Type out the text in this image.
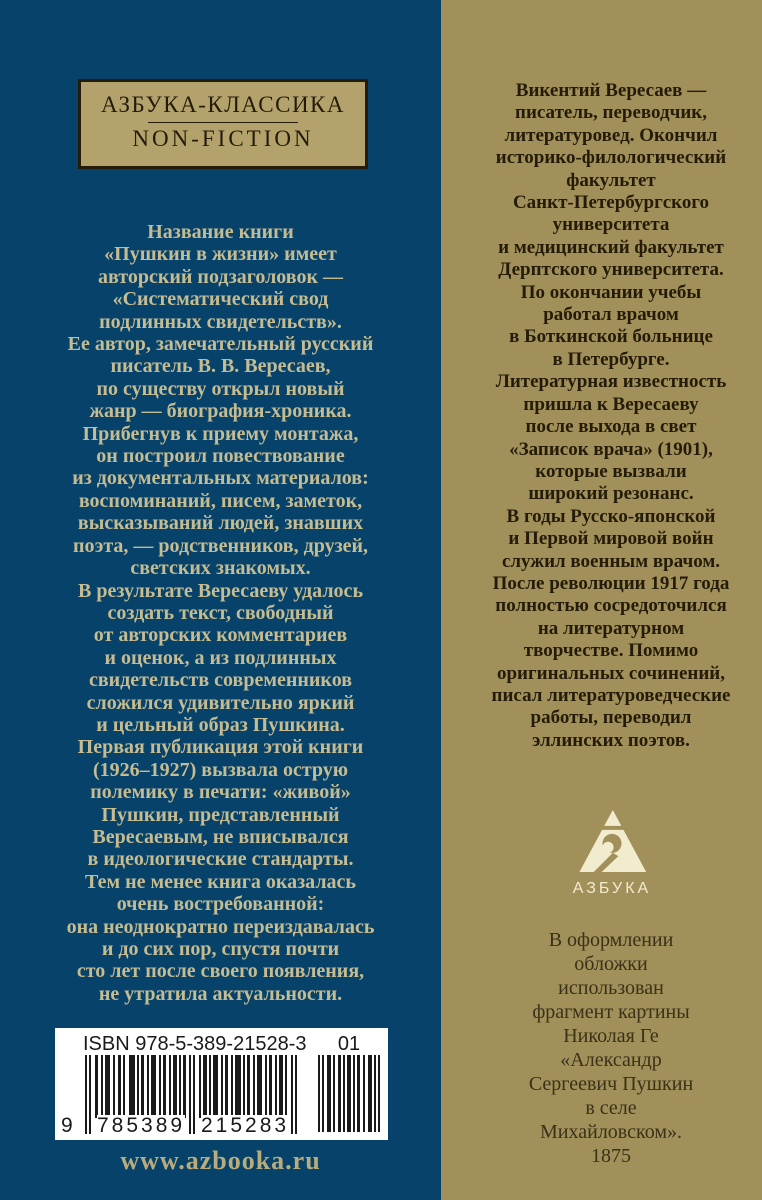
Викентий Вересаев —
писатель, переводчик,
литературовед. Окончил
историко-филологический
факультет
Санкт-Петербургского
университета
и медицинский факультет
Дерптского университета.
По окончании учебы
работал врачом
в Боткинской больнице
в Петербурге.
Литературная известность
пришла к Вересаеву
после выхода в свет
«Записок врача» (1901),
которые вызвали
широкий резонанс.
В годы Русско-японской
и Первой мировой войн
служил военным врачом.
После революции 1917 года
полностью сосредоточился
на литературном
творчестве. Помимо
оригинальных сочинений,
писал литературоведческие
работы, переводил
эллинских поэтов.
АЗБУКА
В оформлении
обложки
использован
фрагмент картины
Николая Ге
«Александр
Сергеевич Пушкин
в селе
Михайловском».
1875
АЗБУКА-КЛАССИКА
NON-FICTION
Название книги
«Пушкин в жизни» имеет
авторский подзаголовок —
«Систематический свод
подлинных свидетельств».
Ее автор, замечательный русский
писатель В. В. Вересаев,
по существу открыл новый
жанр — биография-хроника.
Прибегнув к приему монтажа,
он построил повествование
из документальных материалов:
воспоминаний, писем, заметок,
высказываний людей, знавших
поэта, — родственников, друзей,
светских знакомых.
В результате Вересаеву удалось
создать текст, свободный
от авторских комментариев
и оценок, а из подлинных
свидетельств современников
сложился удивительно яркий
и цельный образ Пушкина.
Первая публикация этой книги
(1926–1927) вызвала острую
полемику в печати: «живой»
Пушкин, представленный
Вересаевым, не вписывался
в идеологические стандарты.
Тем не менее книга оказалась
очень востребованной:
она неоднократно переиздавалась
и до сих пор, спустя почти
сто лет после своего появления,
не утратила актуальности.
ISBN 978-5-389-21528-3	01
9 785389 215283
www.azbooka.ru
